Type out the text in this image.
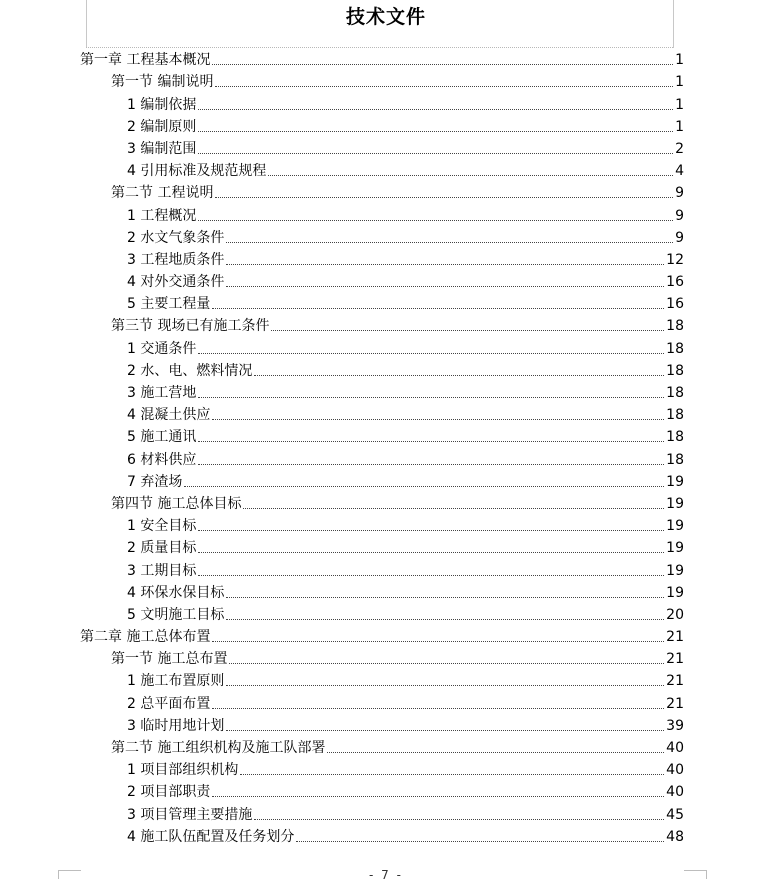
技术文件
第一章 工程基本概况	1
第一节 编制说明	1
1 编制依据	1
2 编制原则	1
3 编制范围	2
4 引用标准及规范规程	4
第二节 工程说明	9
1 工程概况	9
2 水文气象条件	9
3 工程地质条件	12
4 对外交通条件	16
5 主要工程量	16
第三节 现场已有施工条件	18
1 交通条件	18
2 水、电、燃料情况	18
3 施工营地	18
4 混凝土供应	18
5 施工通讯	18
6 材料供应	18
7 弃渣场	19
第四节 施工总体目标	19
1 安全目标	19
2 质量目标	19
3 工期目标	19
4 环保水保目标	19
5 文明施工目标	20
第二章 施工总体布置	21
第一节 施工总布置	21
1 施工布置原则	21
2 总平面布置	21
3 临时用地计划	39
第二节 施工组织机构及施工队部署	40
1 项目部组织机构	40
2 项目部职责	40
3 项目管理主要措施	45
4 施工队伍配置及任务划分	48
- 7 -
